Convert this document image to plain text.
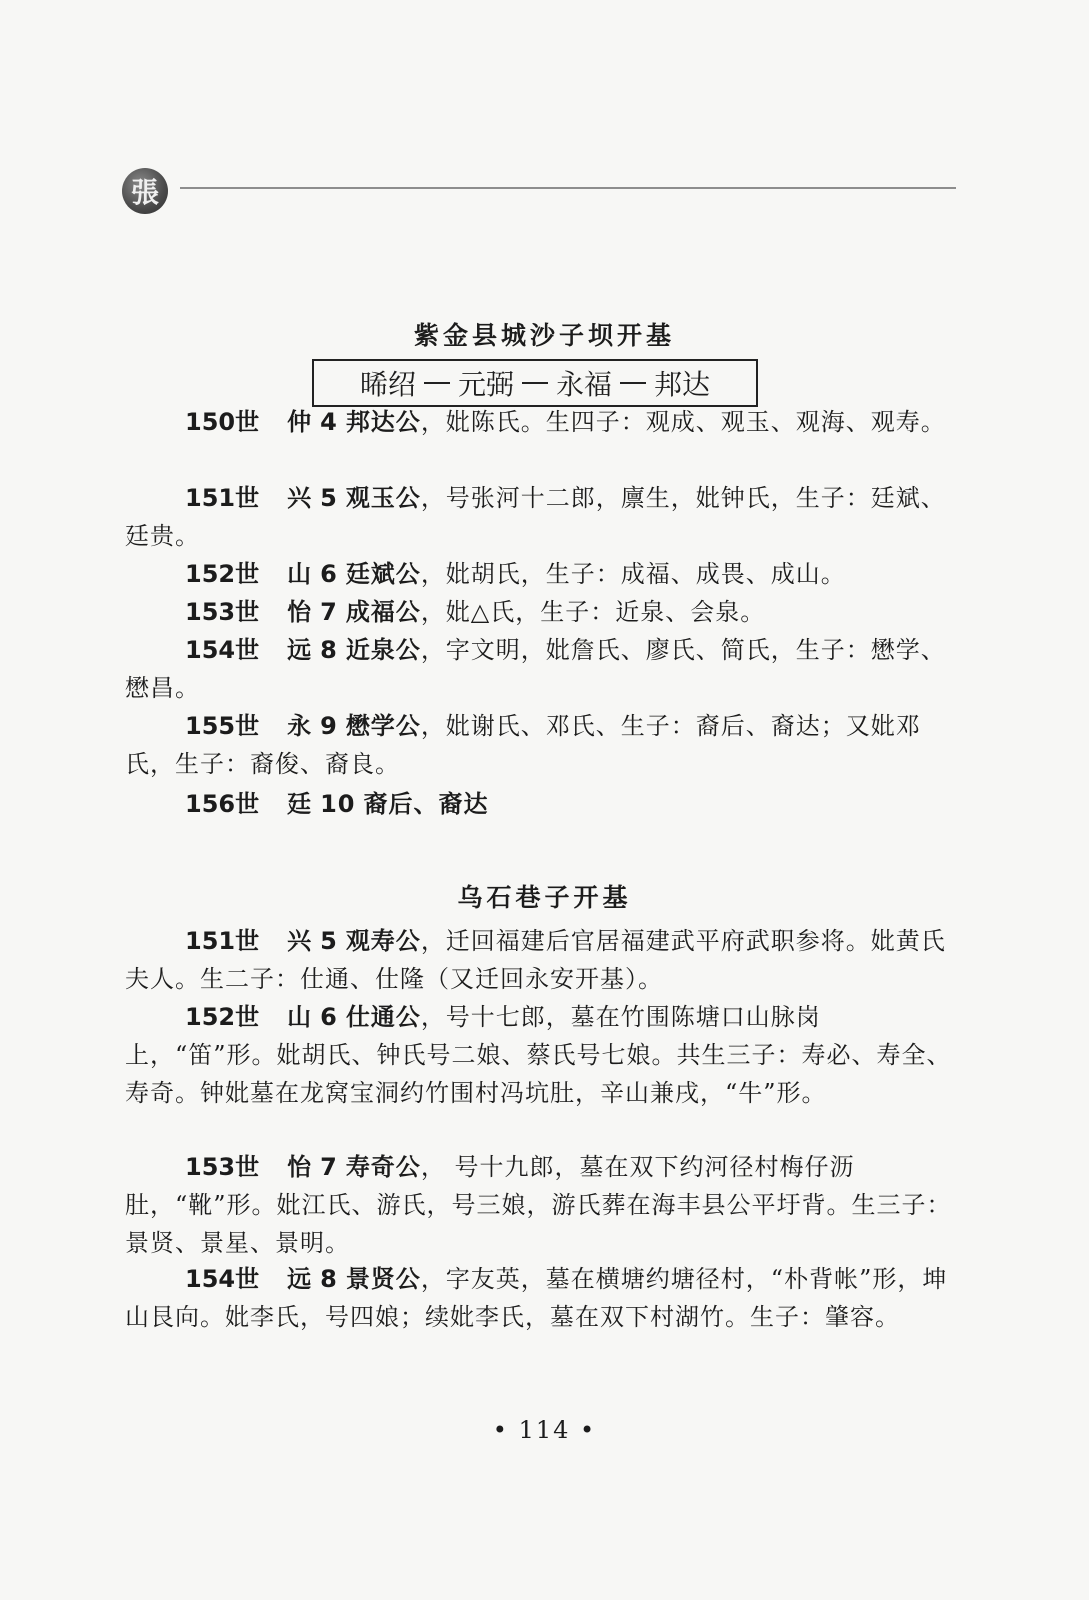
張
紫金县城沙子坝开基
晞绍 元弼 永福 邦达
150世 仲 4 邦达公，妣陈氏。生四子：观成、观玉、观海、观寿。
151世 兴 5 观玉公，号张河十二郎，廪生，妣钟氏，生子：廷斌、廷贵。
152世 山 6 廷斌公，妣胡氏，生子：成福、成畏、成山。
153世 怡 7 成福公，妣△氏，生子：近泉、会泉。
154世 远 8 近泉公，字文明，妣詹氏、廖氏、简氏，生子：懋学、懋昌。
155世 永 9 懋学公，妣谢氏、邓氏、生子：裔后、裔达；又妣邓氏，生子：裔俊、裔良。
156世 廷 10 裔后、裔达
乌石巷子开基
151世 兴 5 观寿公，迁回福建后官居福建武平府武职参将。妣黄氏夫人。生二子：仕通、仕隆（又迁回永安开基）。
152世 山 6 仕通公，号十七郎，墓在竹围陈塘口山脉岗上，“笛”形。妣胡氏、钟氏号二娘、蔡氏号七娘。共生三子：寿必、寿全、寿奇。钟妣墓在龙窝宝洞约竹围村冯坑肚，辛山兼戌，“牛”形。
153世 怡 7 寿奇公， 号十九郎，墓在双下约河径村梅仔沥肚，“靴”形。妣江氏、游氏，号三娘，游氏葬在海丰县公平圩背。生三子：景贤、景星、景明。
154世 远 8 景贤公，字友英，墓在横塘约塘径村，“朴背帐”形，坤山艮向。妣李氏，号四娘；续妣李氏，墓在双下村湖竹。生子：肇容。
• 114 •
